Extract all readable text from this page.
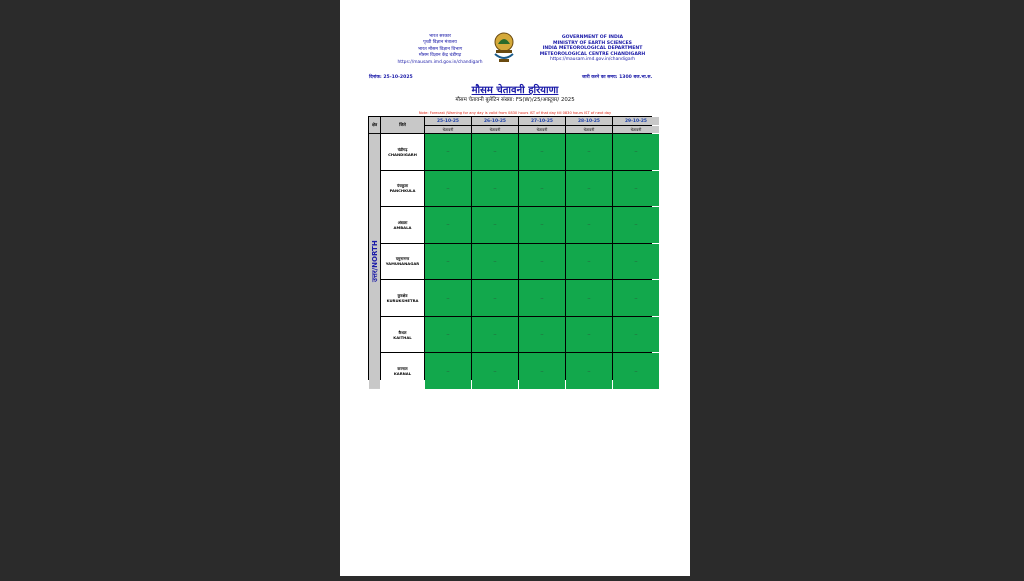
भारत सरकार
पृथ्वी विज्ञान मंत्रालय
भारत मौसम विज्ञान विभाग
मौसम विज्ञान केंद्र चंडीगढ़
https://mausam.imd.gov.in/chandigarh
GOVERNMENT OF INDIA
MINISTRY OF EARTH SCIENCES
INDIA METEOROLOGICAL DEPARTMENT
METEOROLOGICAL CENTRE CHANDIGARH
https://mausam.imd.gov.in/chandigarh
दिनांक: 25-10-2025	जारी करने का समय: 1300 बज.भा.स.
मौसम चेतावनी हरियाणा
मौसम चेतावनी बुलेटिन संख्या: FS(W)/25/अक्टूबर/ 2025
Note: Forecast /Warning for any day is valid from 0830 hours IST of that day till 0830 hours IST of next day
क्षेत्र	जिले
25-10-25	26-10-25	27-10-25	28-10-25	29-10-25
चेतावनी	चेतावनी	चेतावनी	चेतावनी	चेतावनी
उत्तर/NORTH
चंडीगढ़
CHANDIGARH	--	--	--	--	--
पंचकूला
PANCHKULA	--	--	--	--	--
अंबाला
AMBALA	--	--	--	--	--
यमुनानगर
YAMUNANAGAR	--	--	--	--	--
कुरुक्षेत्र
KURUKSHETRA	--	--	--	--	--
कैथल
KAITHAL	--	--	--	--	--
करनाल
KARNAL	--	--	--	--	--
